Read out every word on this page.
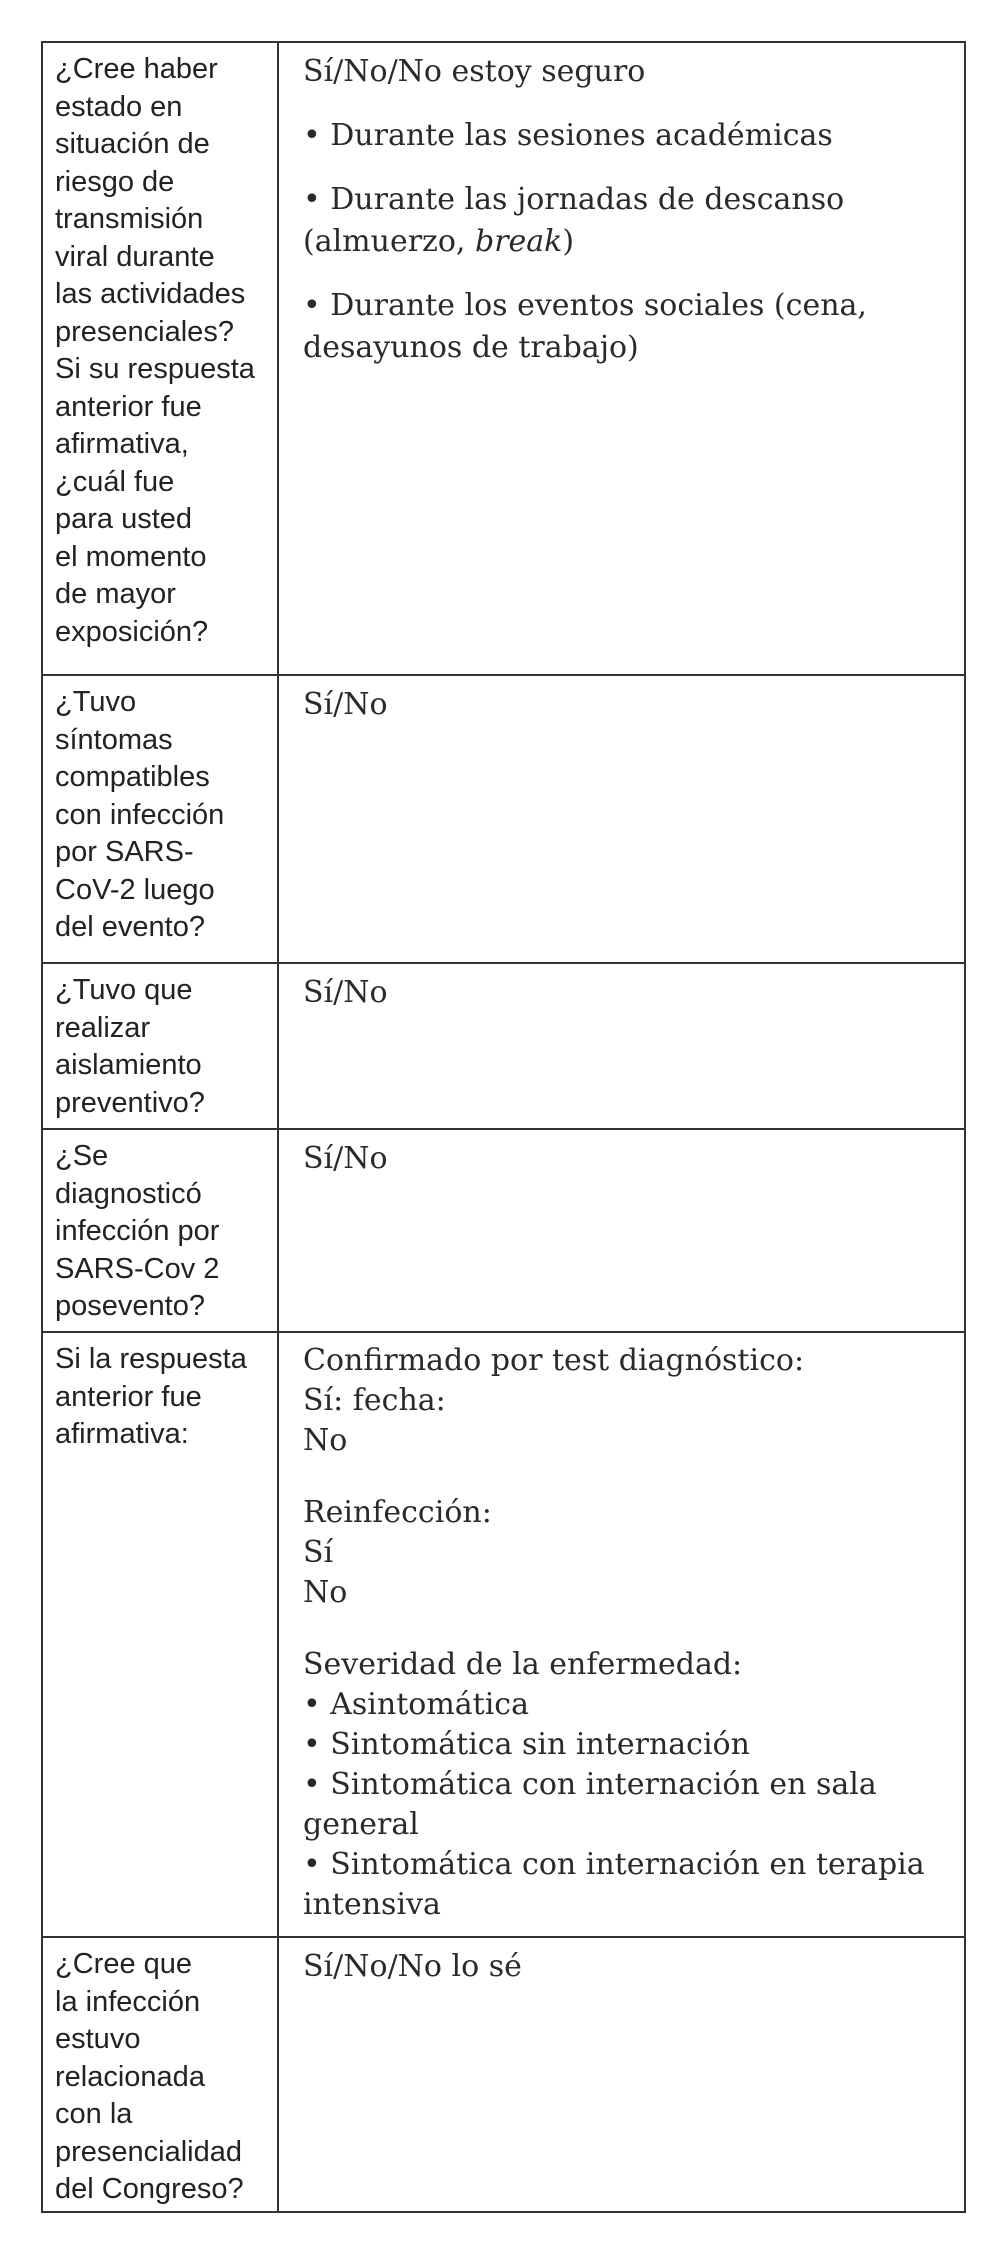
¿Cree haber
estado en
situación de
riesgo de
transmisión
viral durante
las actividades
presenciales?
Si su respuesta
anterior fue
afirmativa,
¿cuál fue
para usted
el momento
de mayor
exposición?
Sí/No/No estoy seguro
• Durante las sesiones académicas
• Durante las jornadas de descanso
(almuerzo, break)
• Durante los eventos sociales (cena,
desayunos de trabajo)
¿Tuvo
síntomas
compatibles
con infección
por SARS-
CoV-2 luego
del evento?
Sí/No
¿Tuvo que
realizar
aislamiento
preventivo?
Sí/No
¿Se
diagnosticó
infección por
SARS-Cov 2
posevento?
Sí/No
Si la respuesta
anterior fue
afirmativa:
Confirmado por test diagnóstico:
Sí: fecha:
No
Reinfección:
Sí
No
Severidad de la enfermedad:
• Asintomática
• Sintomática sin internación
• Sintomática con internación en sala
general
• Sintomática con internación en terapia
intensiva
¿Cree que
la infección
estuvo
relacionada
con la
presencialidad
del Congreso?
Sí/No/No lo sé
